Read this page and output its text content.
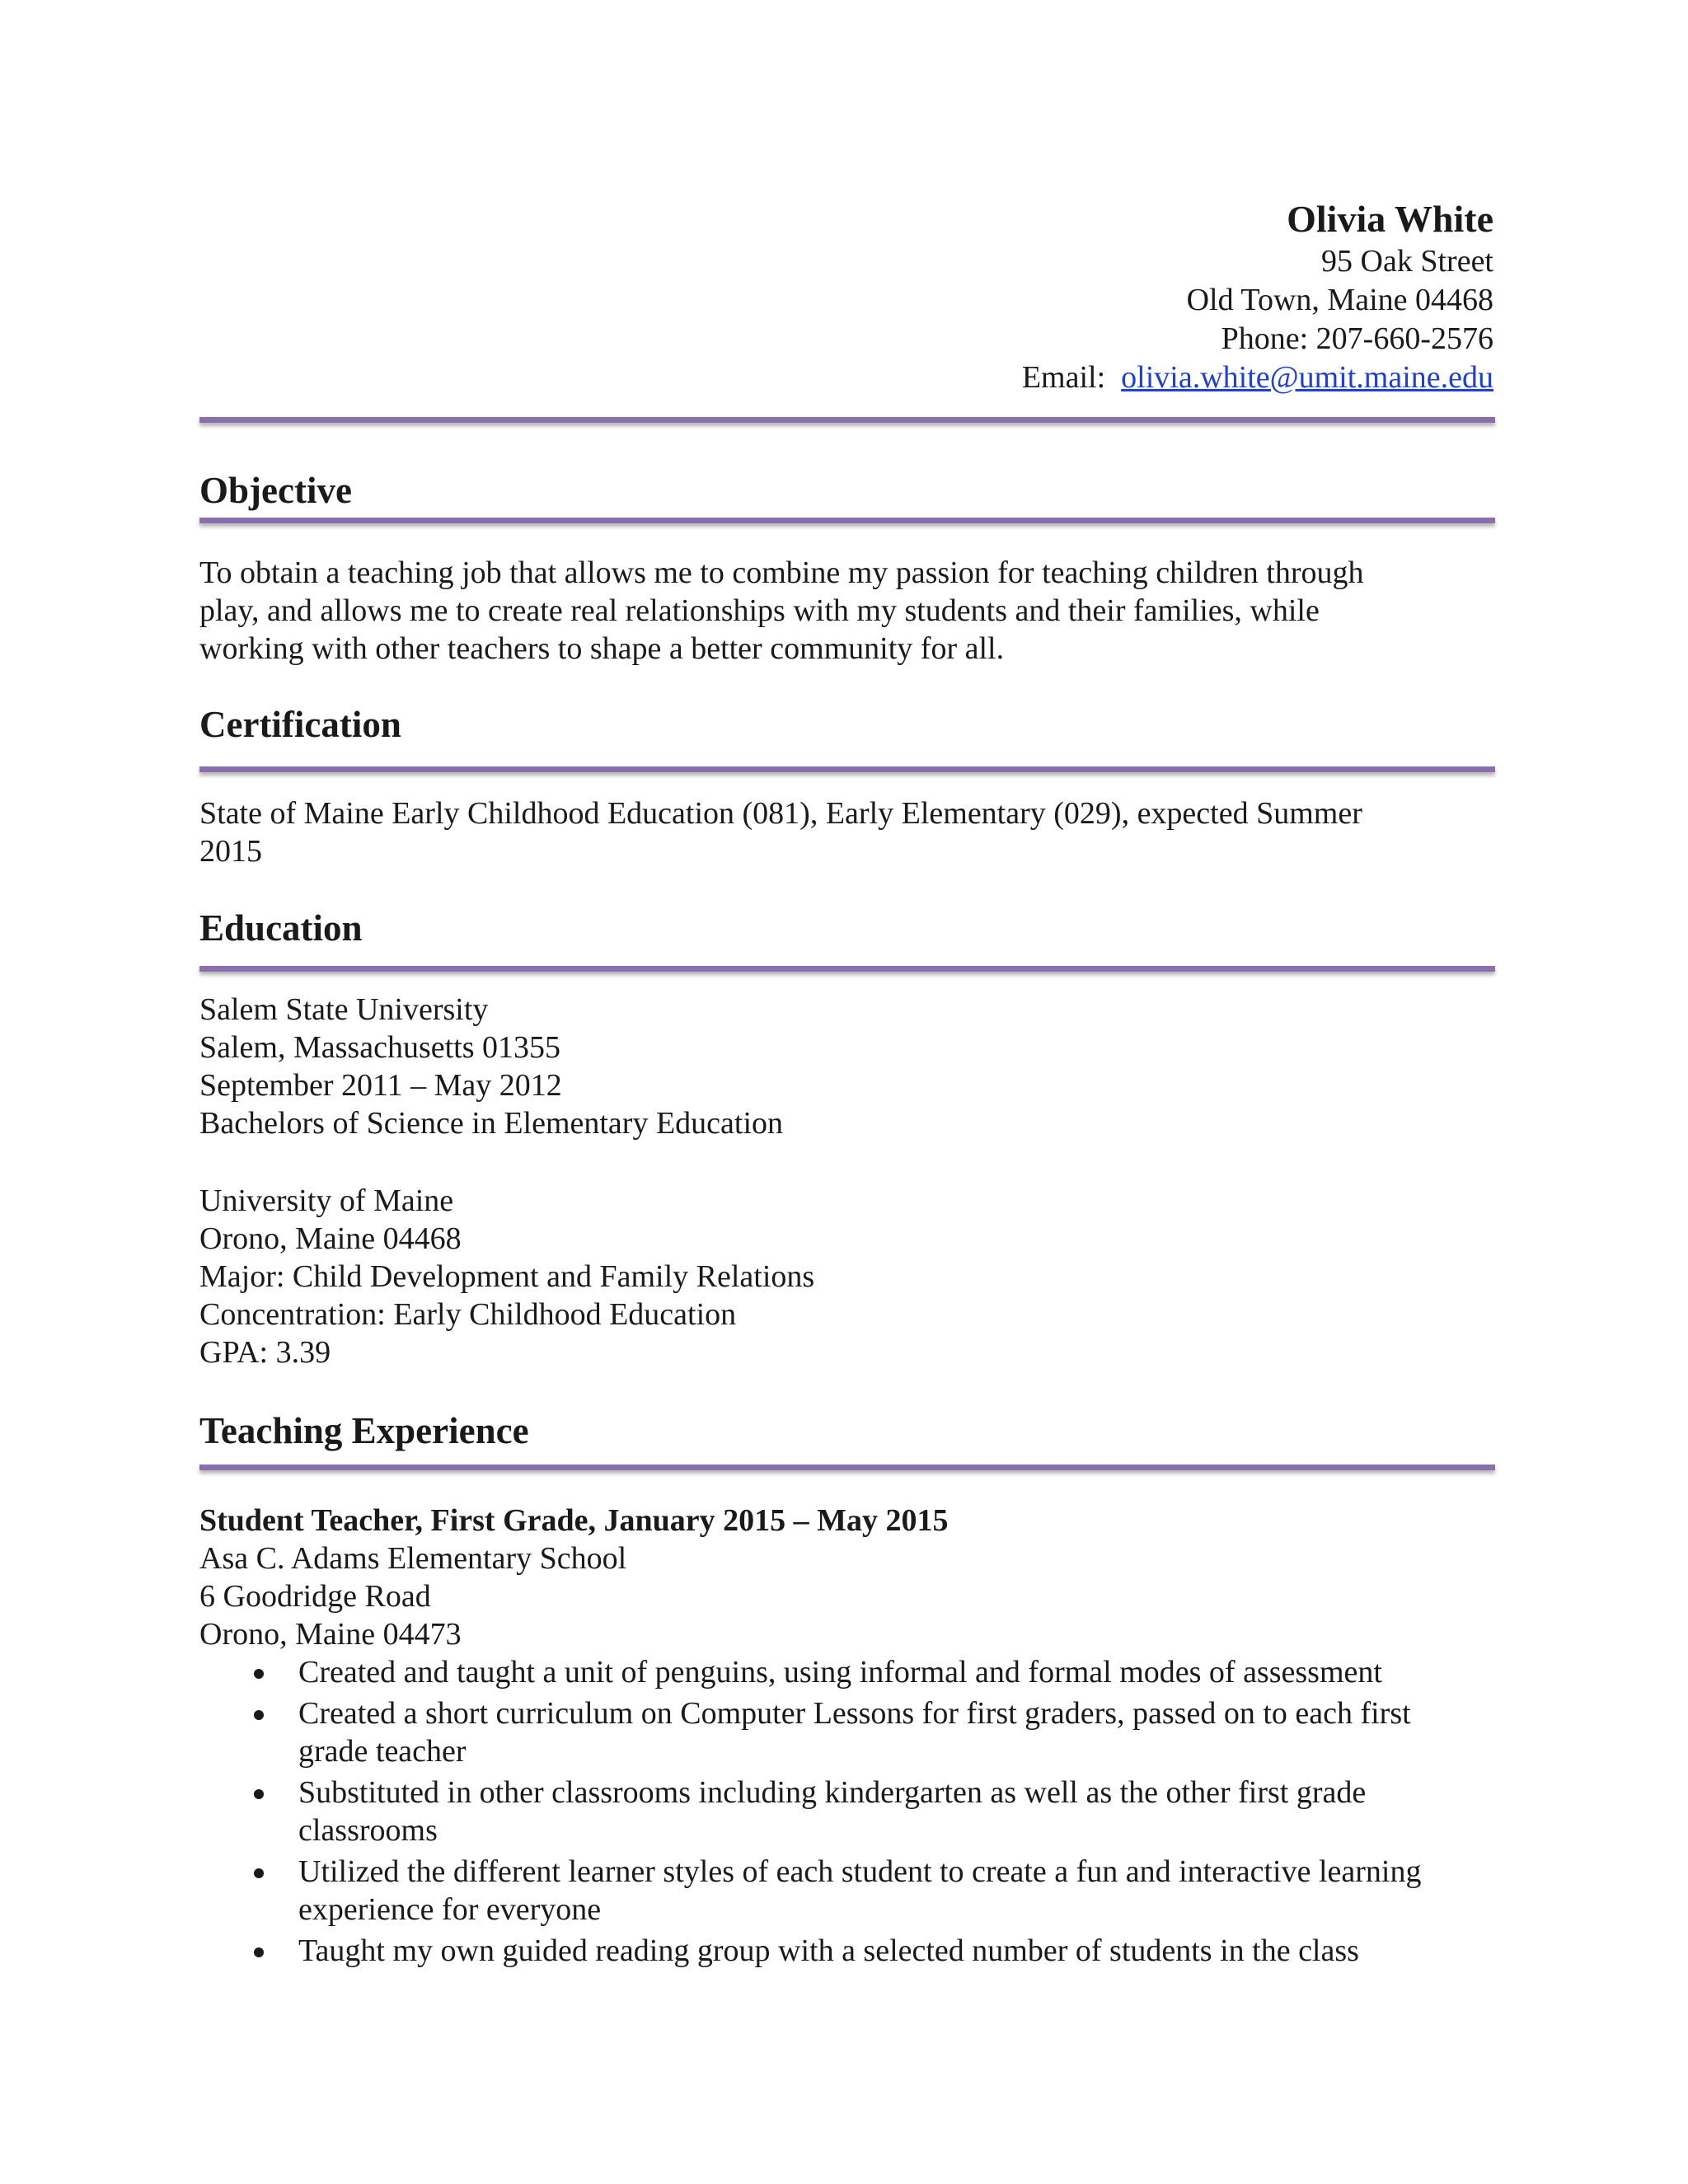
Olivia White
95 Oak Street
Old Town, Maine 04468
Phone: 207-660-2576
Email: olivia.white@umit.maine.edu
Objective
To obtain a teaching job that allows me to combine my passion for teaching children through
play, and allows me to create real relationships with my students and their families, while
working with other teachers to shape a better community for all.
Certification
State of Maine Early Childhood Education (081), Early Elementary (029), expected Summer
2015
Education
Salem State University
Salem, Massachusetts 01355
September 2011 – May 2012
Bachelors of Science in Elementary Education
University of Maine
Orono, Maine 04468
Major: Child Development and Family Relations
Concentration: Early Childhood Education
GPA: 3.39
Teaching Experience
Student Teacher, First Grade, January 2015 – May 2015
Asa C. Adams Elementary School
6 Goodridge Road
Orono, Maine 04473
Created and taught a unit of penguins, using informal and formal modes of assessment
Created a short curriculum on Computer Lessons for first graders, passed on to each first
grade teacher
Substituted in other classrooms including kindergarten as well as the other first grade
classrooms
Utilized the different learner styles of each student to create a fun and interactive learning
experience for everyone
Taught my own guided reading group with a selected number of students in the class
